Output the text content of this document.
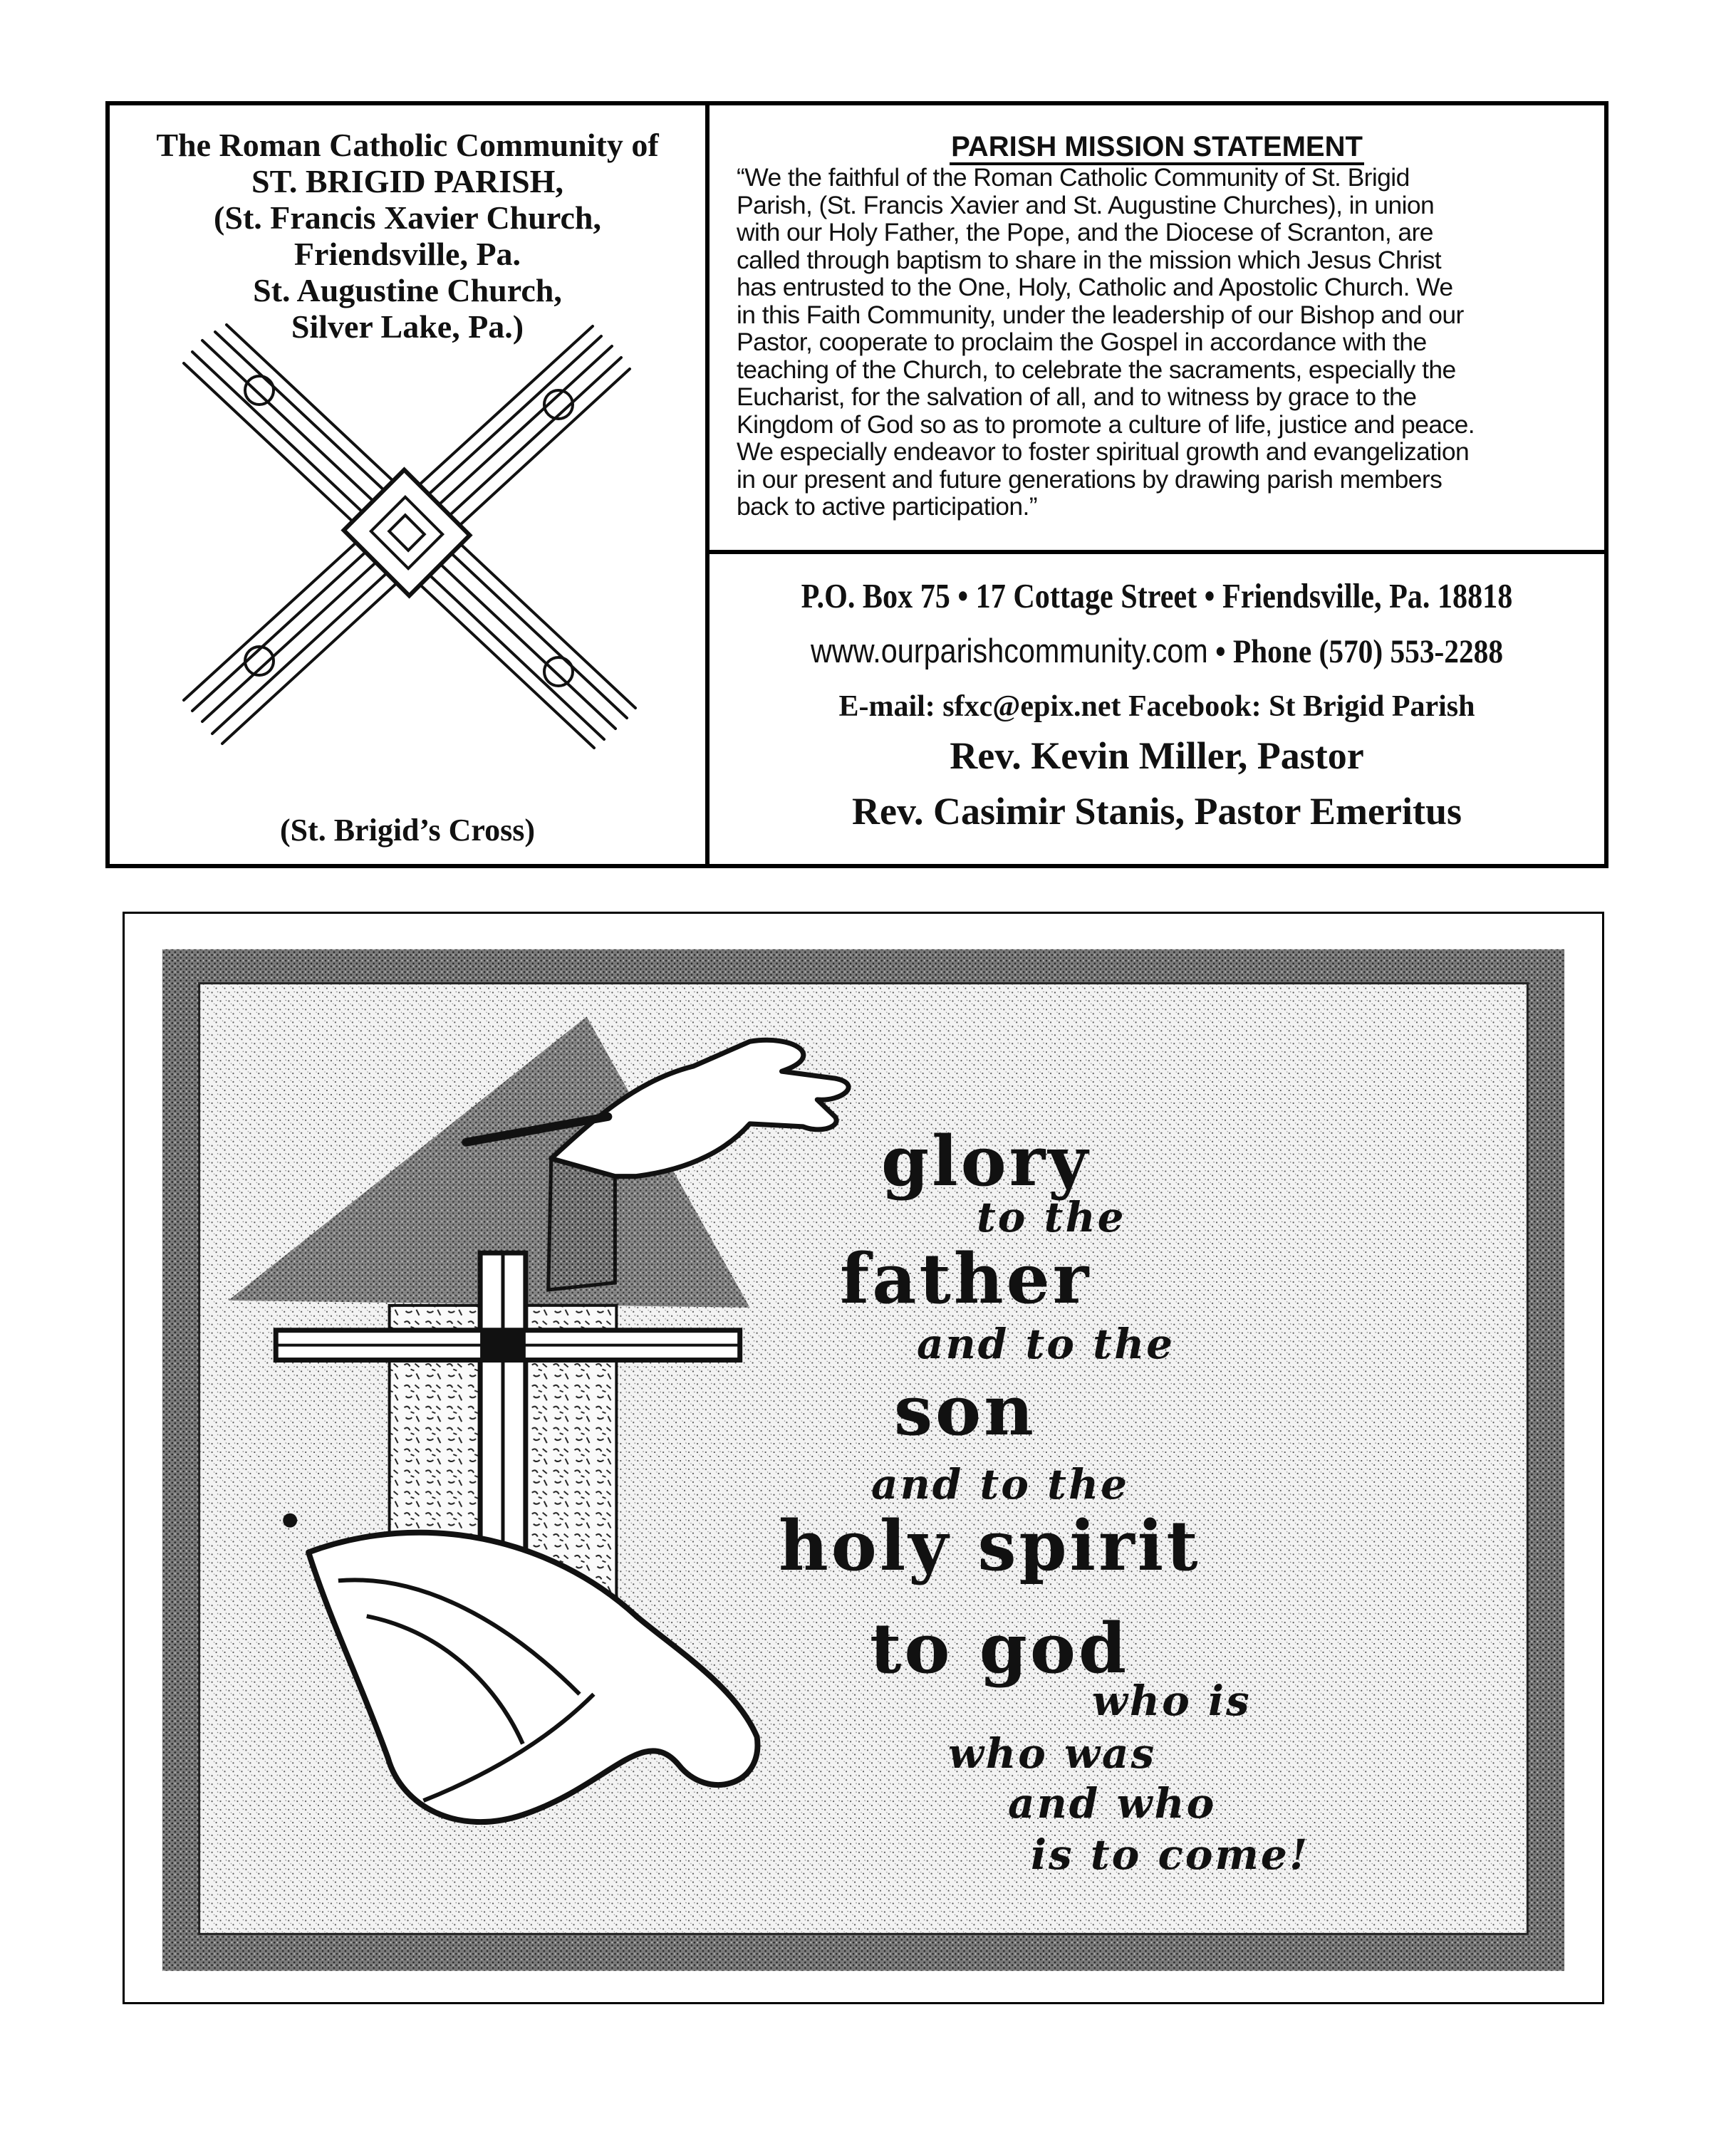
The Roman Catholic Community of
ST. BRIGID PARISH,
(St. Francis Xavier Church,
Friendsville, Pa.
St. Augustine Church,
Silver Lake, Pa.)

(St. Brigid’s Cross)
PARISH MISSION STATEMENT

“We the faithful of the Roman Catholic Community of St. Brigid
Parish, (St. Francis Xavier and St. Augustine Churches), in union
with our Holy Father, the Pope, and the Diocese of Scranton, are
called through baptism to share in the mission which Jesus Christ
has entrusted to the One, Holy, Catholic and Apostolic Church. We
in this Faith Community, under the leadership of our Bishop and our
Pastor, cooperate to proclaim the Gospel in accordance with the
teaching of the Church, to celebrate the sacraments, especially the
Eucharist, for the salvation of all, and to witness by grace to the
Kingdom of God so as to promote a culture of life, justice and peace.
We especially endeavor to foster spiritual growth and evangelization
in our present and future generations by drawing parish members
back to active participation.”

P.O. Box 75 • 17 Cottage Street • Friendsville, Pa. 18818
www.ourparishcommunity.com • Phone (570) 553-2288
E-mail: sfxc@epix.net Facebook: St Brigid Parish
Rev. Kevin Miller, Pastor
Rev. Casimir Stanis, Pastor Emeritus
glory
to the
father
and to the
son
and to the
holy spirit
to god
who is
who was
and who
is to come!
